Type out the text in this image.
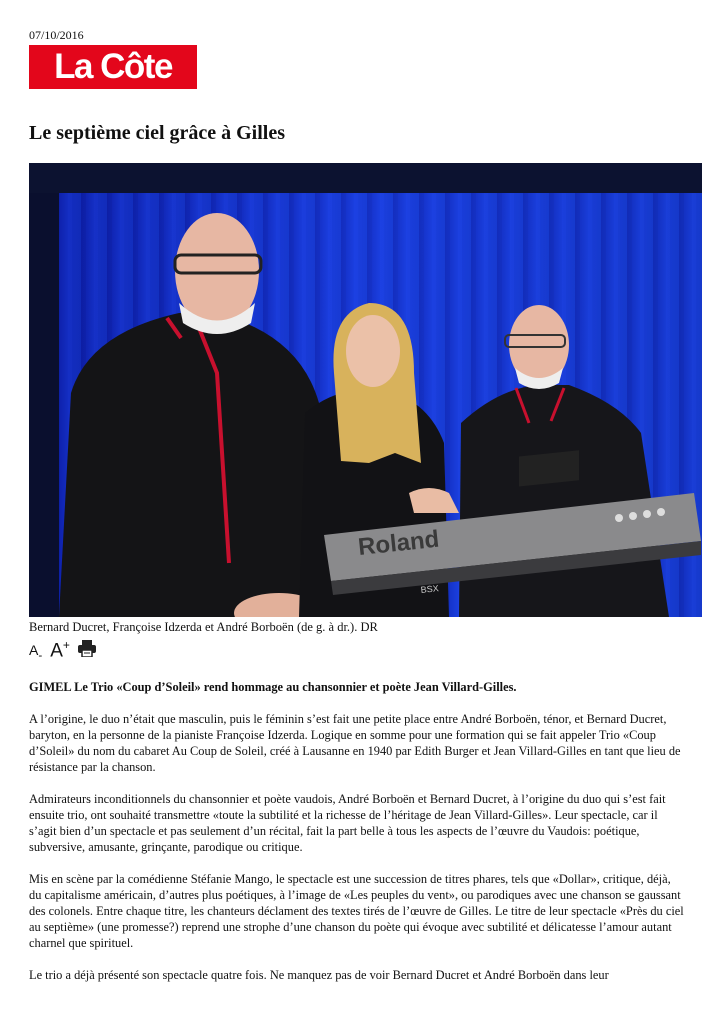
07/10/2016
La Côte
Le septième ciel grâce à Gilles
Roland
BSX
Bernard Ducret, Françoise Idzerda et André Borboën (de g. à dr.). DR
$A_-$ A+

GIMEL Le Trio «Coup d’Soleil» rend hommage au chansonnier et poète Jean Villard-Gilles.

A l’origine, le duo n’était que masculin, puis le féminin s’est fait une petite place entre André Borboën, ténor, et Bernard Ducret, baryton, en la personne de la pianiste Françoise Idzerda. Logique en somme pour une formation qui se fait appeler Trio «Coup d’Soleil» du nom du cabaret Au Coup de Soleil, créé à Lausanne en 1940 par Edith Burger et Jean Villard-Gilles en tant que lieu de résistance par la chanson.

Admirateurs inconditionnels du chansonnier et poète vaudois, André Borboën et Bernard Ducret, à l’origine du duo qui s’est fait ensuite trio, ont souhaité transmettre «toute la subtilité et la richesse de l’héritage de Jean Villard-Gilles». Leur spectacle, car il s’agit bien d’un spectacle et pas seulement d’un récital, fait la part belle à tous les aspects de l’œuvre du Vaudois: poétique, subversive, amusante, grinçante, parodique ou critique.

Mis en scène par la comédienne Stéfanie Mango, le spectacle est une succession de titres phares, tels que «Dollar», critique, déjà, du capitalisme américain, d’autres plus poétiques, à l’image de «Les peuples du vent», ou parodiques avec une chanson se gaussant des colonels. Entre chaque titre, les chanteurs déclament des textes tirés de l’œuvre de Gilles. Le titre de leur spectacle «Près du ciel au septième» (une promesse?) reprend une strophe d’une chanson du poète qui évoque avec subtilité et délicatesse l’amour autant charnel que spirituel.

Le trio a déjà présenté son spectacle quatre fois. Ne manquez pas de voir Bernard Ducret et André Borboën dans leur
